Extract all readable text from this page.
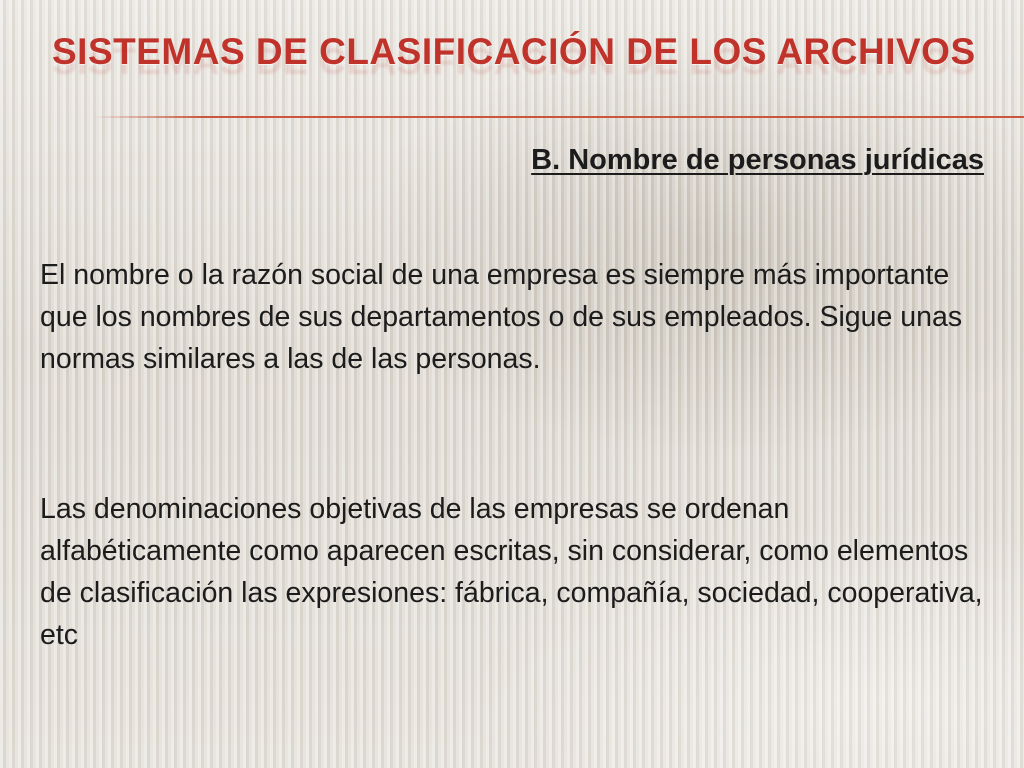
SISTEMAS DE CLASIFICACIÓN DE LOS ARCHIVOS
B. Nombre de personas jurídicas

El nombre o la razón social de una empresa es siempre más importante que los nombres de sus departamentos o de sus empleados. Sigue unas normas similares a las de las personas.

Las denominaciones objetivas de las empresas se ordenan alfabéticamente como aparecen escritas, sin considerar, como elementos de clasificación las expresiones: fábrica, compañía, sociedad, cooperativa, etc
